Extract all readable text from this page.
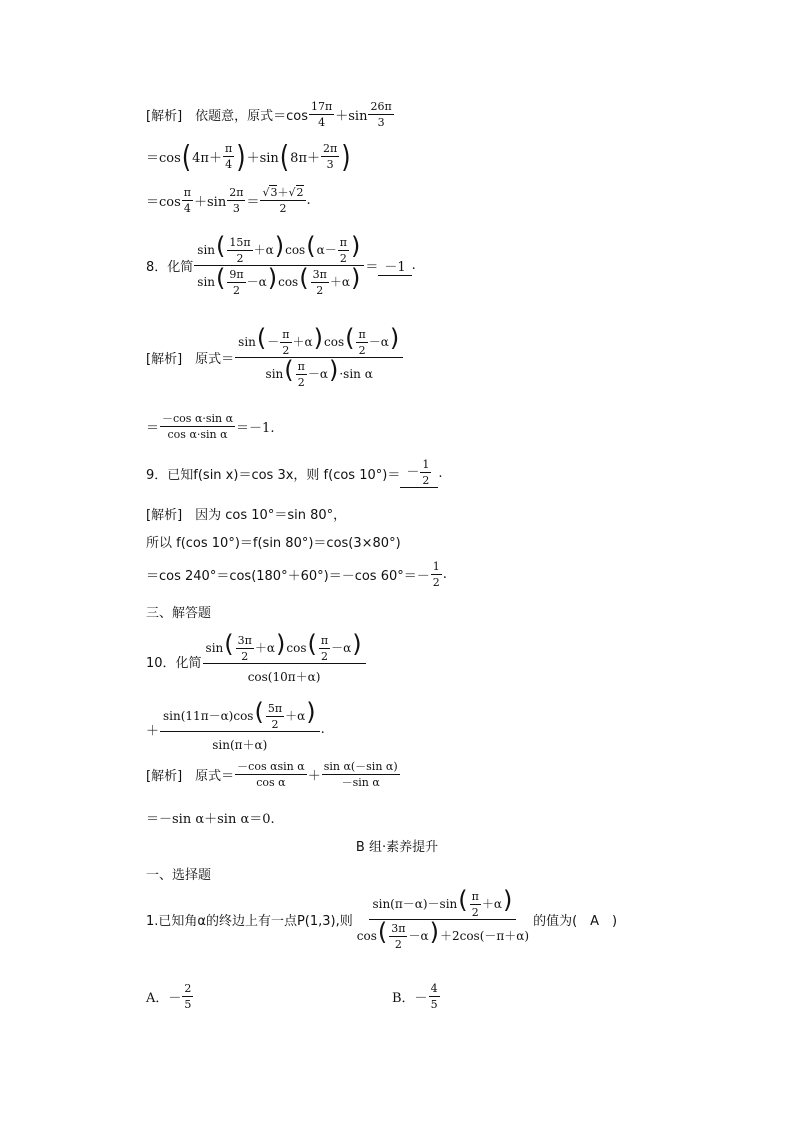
[解析]　依题意，原式$=\cos \frac{17\pi}{4} +\sin \frac{26\pi}{3}$
＝cos ( $4\pi+ \frac{\pi}{4}$ ) ＋sin ( $8\pi+ \frac{2\pi}{3}$ )
$=\cos \frac{\pi}{4} +\sin \frac{2\pi}{3} = \frac{√3+√2}{2}$ .
8．化简 $\frac{\sin( \frac{15\pi}{2} +\alpha)\cos(\alpha- \frac{\pi}{2} )}{\sin( \frac{9\pi}{2} -\alpha)\cos( \frac{3\pi}{2} +\alpha)} = -1$ .
[解析]　原式＝ $\frac{\sin(- \frac{\pi}{2} +\alpha)\cos( \frac{\pi}{2} -\alpha)}{\sin( \frac{\pi}{2} -\alpha)\cdot\sin \alpha}$
＝ $\frac{\text{－cos α·sin α}}{\text{cos α·sin α}} =-1$.
9．已知f(sin x)＝cos 3x，则 f(cos $10^\circ)= - \frac{1}{2}$ .
[解析]　因为 cos 10°＝sin 80°，
所以 f(cos 10°)＝f(sin 80°)＝cos(3×80°)
＝cos 240°＝cos(180°＋60°)＝－cos $60^\circ=- \frac{1}{2}$ .
三、解答题
10．化简 $\frac{\sin( \frac{3\pi}{2} +\alpha)\cos( \frac{\pi}{2} -\alpha)}{\cos(10\pi+\alpha)}$
＋ $\frac{\sin(11\pi-\alpha)\cos( \frac{5\pi}{2} +\alpha)}{\sin(\pi+\alpha)}$ .
[解析]　原式＝ $\frac{\text{－cos αsin α}}{\text{cos α}} + \frac{\text{sin α(－sin α)}}{\text{－sin α}}$
＝－sin α＋sin α＝0.
B 组·素养提升
一、选择题
1.已知角α的终边上有一点P(1,3),则 $\frac{\sin(\pi-\alpha)-\sin( \frac{\pi}{2} +\alpha)}{\cos( \frac{3\pi}{2} -\alpha)+2\cos(-\pi+\alpha)}$ 的值为(　A　)
A．－ $\frac{2}{5}$	B．－ $\frac{4}{5}$
